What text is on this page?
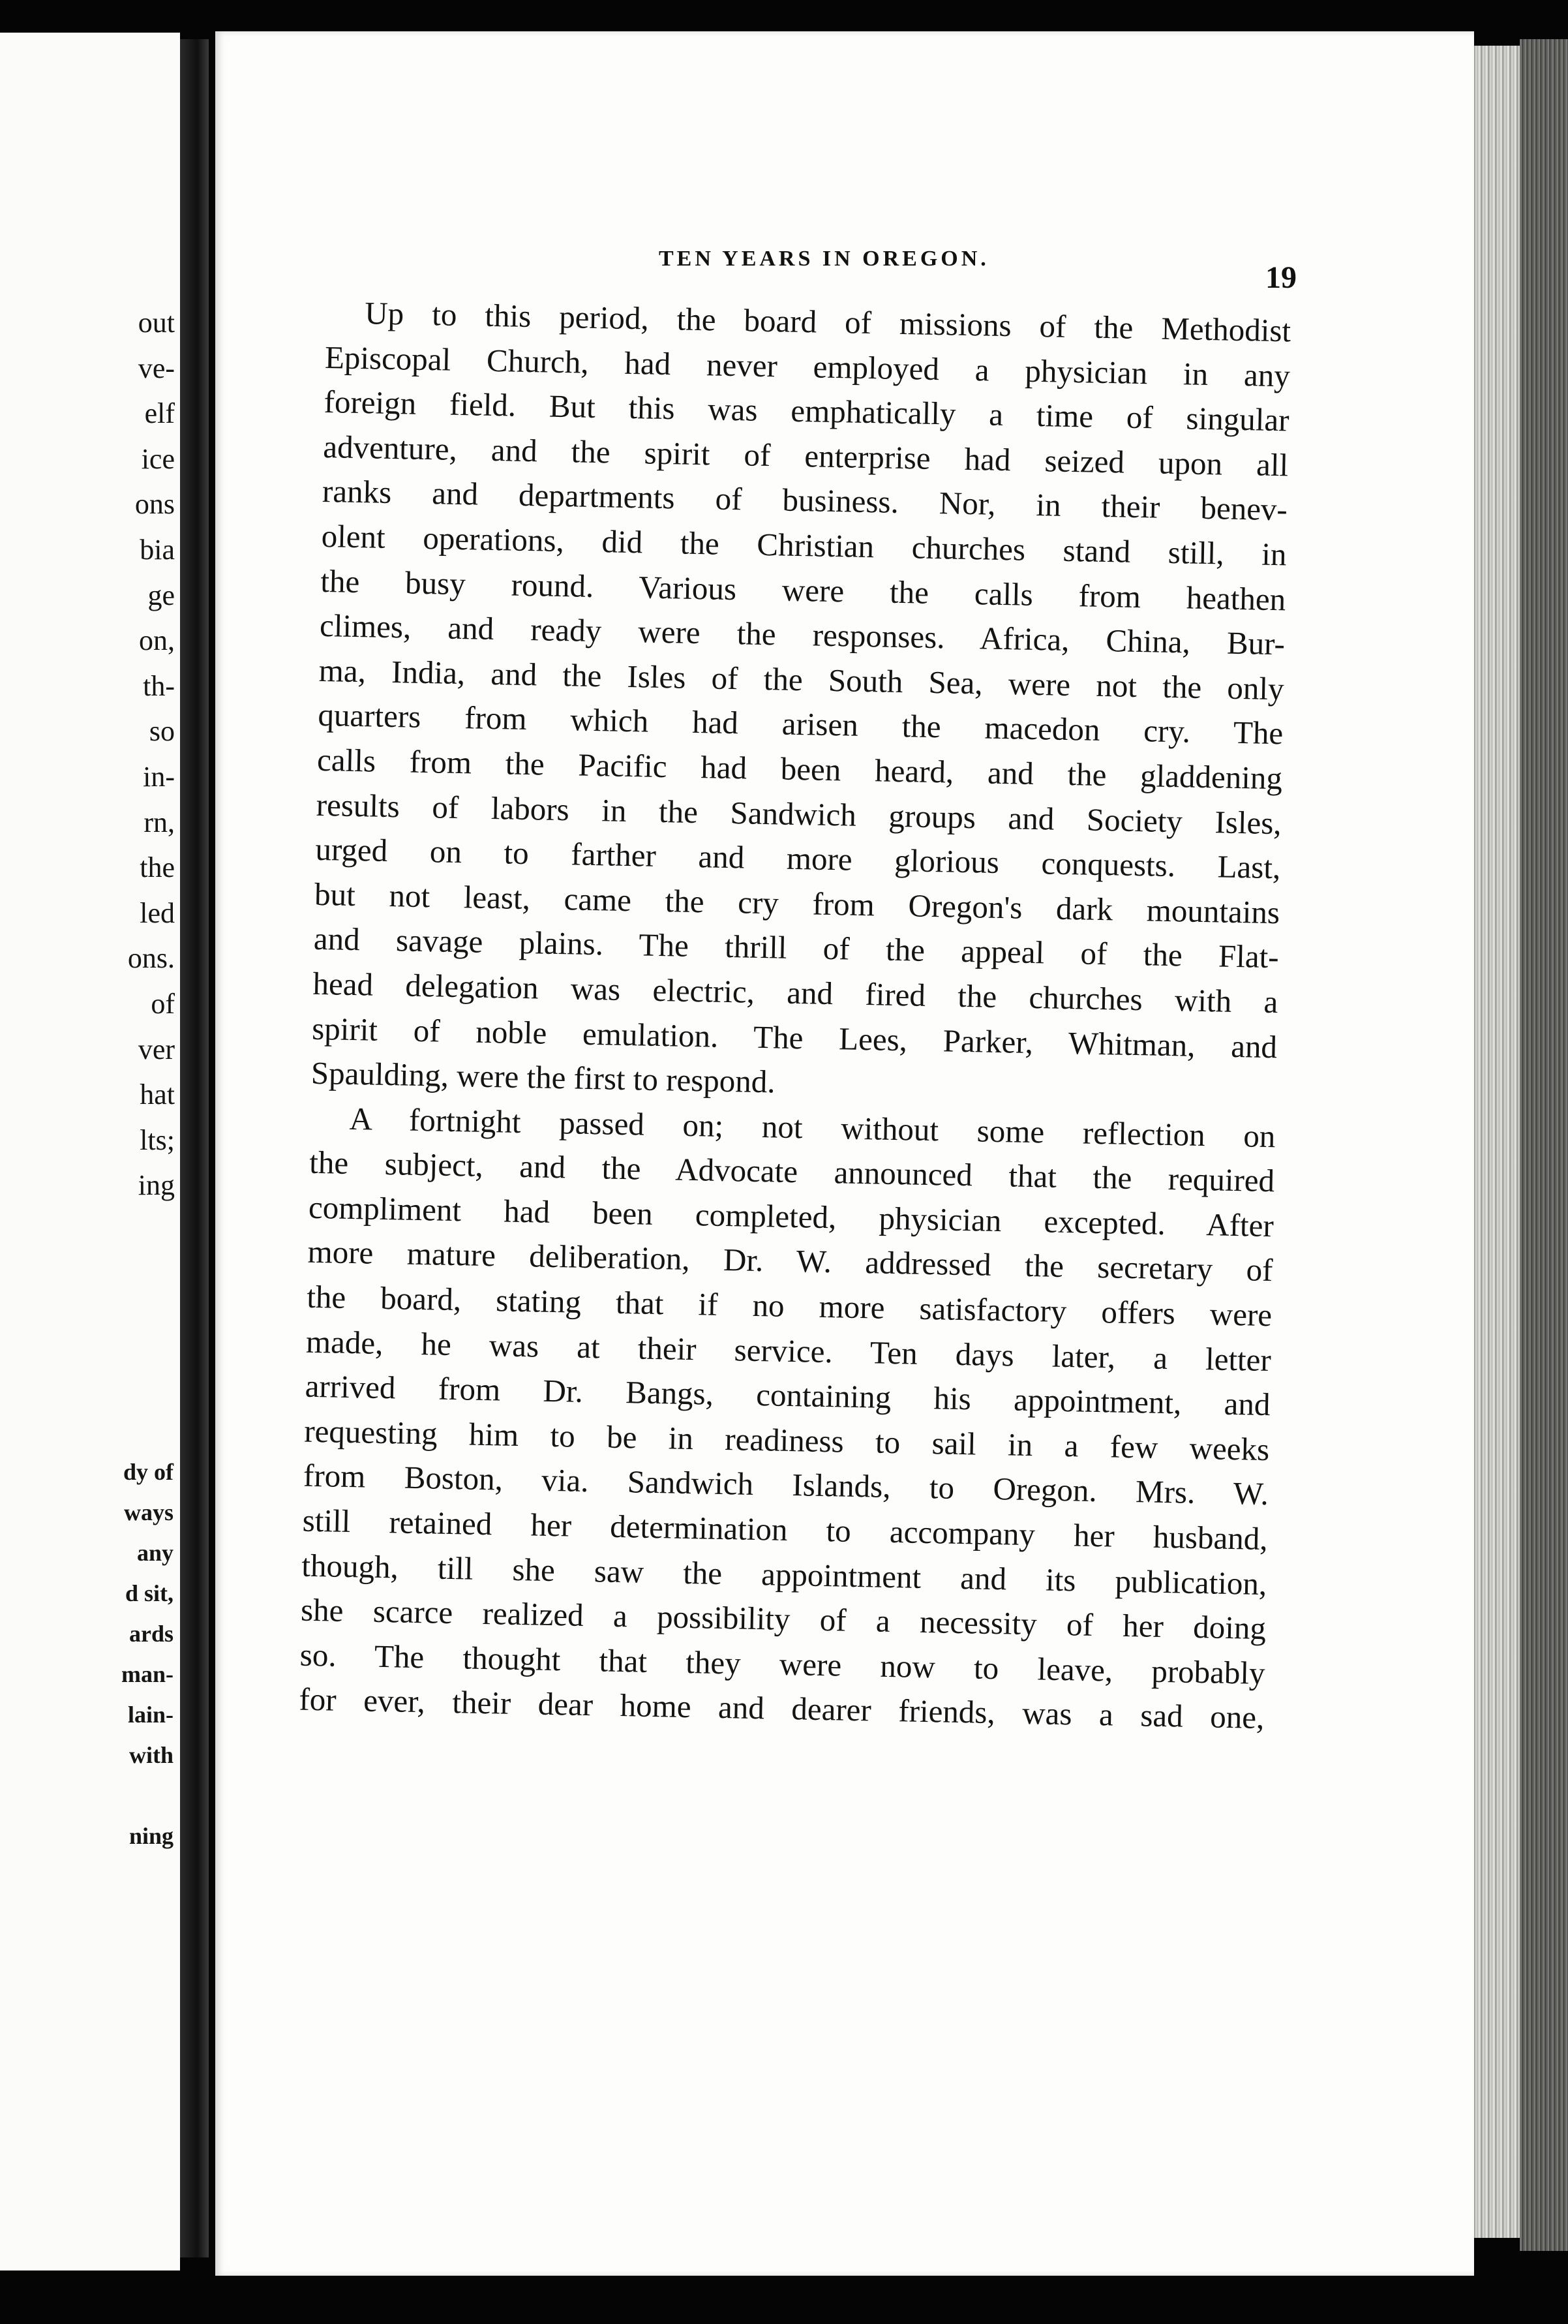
out
ve-
elf
ice
ons
bia
ge
on,
th-
so
in-
rn,
the
led
ons.
of
ver
hat
lts;
ing
dy of
ways
any
d sit,
ards
man-
lain-
with
ning
TEN YEARS IN OREGON.
19
Up to this period, the board of missions of the Methodist
Episcopal Church, had never employed a physician in any
foreign field. But this was emphatically a time of singular
adventure, and the spirit of enterprise had seized upon all
ranks and departments of business. Nor, in their benev-
olent operations, did the Christian churches stand still, in
the busy round. Various were the calls from heathen
climes, and ready were the responses. Africa, China, Bur-
ma, India, and the Isles of the South Sea, were not the only
quarters from which had arisen the macedon cry. The
calls from the Pacific had been heard, and the gladdening
results of labors in the Sandwich groups and Society Isles,
urged on to farther and more glorious conquests. Last,
but not least, came the cry from Oregon's dark mountains
and savage plains. The thrill of the appeal of the Flat-
head delegation was electric, and fired the churches with a
spirit of noble emulation. The Lees, Parker, Whitman, and
Spaulding, were the first to respond.
A fortnight passed on; not without some reflection on
the subject, and the Advocate announced that the required
compliment had been completed, physician excepted. After
more mature deliberation, Dr. W. addressed the secretary of
the board, stating that if no more satisfactory offers were
made, he was at their service. Ten days later, a letter
arrived from Dr. Bangs, containing his appointment, and
requesting him to be in readiness to sail in a few weeks
from Boston, via. Sandwich Islands, to Oregon. Mrs. W.
still retained her determination to accompany her husband,
though, till she saw the appointment and its publication,
she scarce realized a possibility of a necessity of her doing
so. The thought that they were now to leave, probably
for ever, their dear home and dearer friends, was a sad one,
